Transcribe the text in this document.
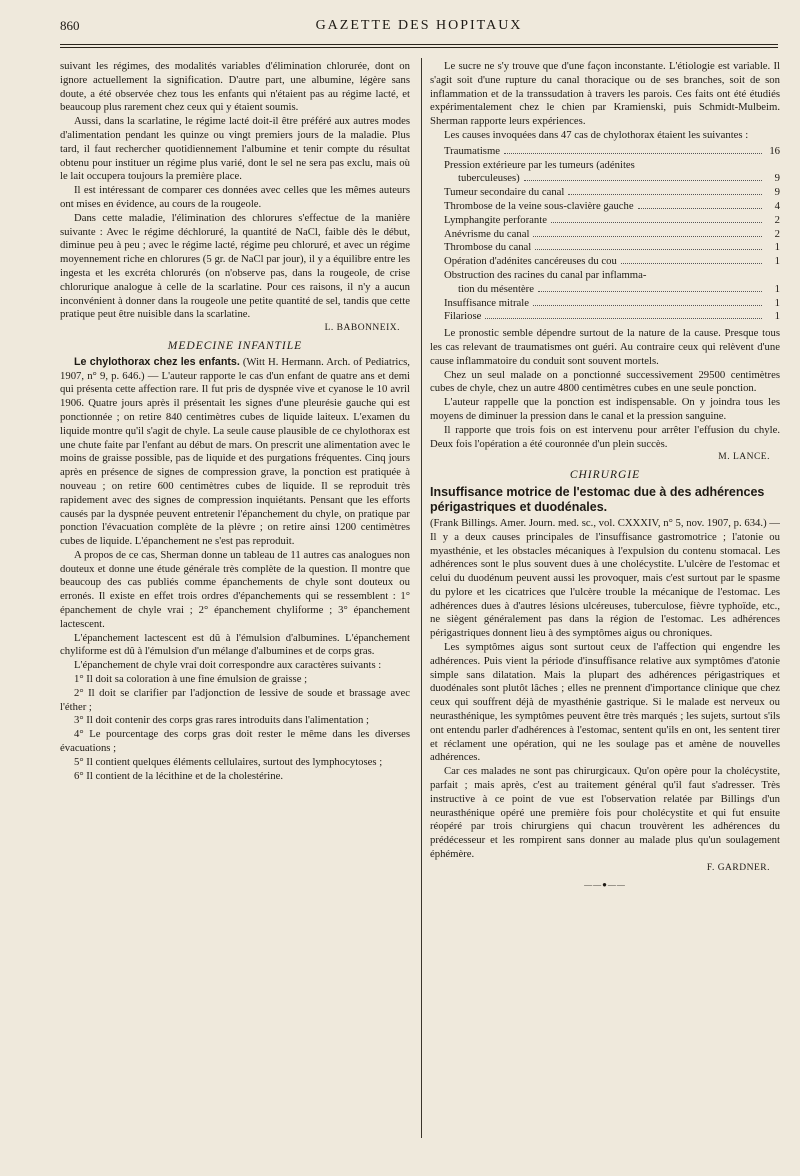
860	GAZETTE DES HOPITAUX

suivant les régimes, des modalités variables d'élimination chlorurée, dont on ignore actuellement la signification. D'autre part, une albumine, légère sans doute, a été observée chez tous les enfants qui n'étaient pas au régime lacté, et beaucoup plus rarement chez ceux qui y étaient soumis.

Aussi, dans la scarlatine, le régime lacté doit-il être préféré aux autres modes d'alimentation pendant les quinze ou vingt premiers jours de la maladie. Plus tard, il faut rechercher quotidiennement l'albumine et tenir compte du résultat obtenu pour instituer un régime plus varié, dont le sel ne sera pas exclu, mais où le lait occupera toujours la première place.

Il est intéressant de comparer ces données avec celles que les mêmes auteurs ont mises en évidence, au cours de la rougeole.

Dans cette maladie, l'élimination des chlorures s'effectue de la manière suivante : Avec le régime déchloruré, la quantité de NaCl, faible dès le début, diminue peu à peu ; avec le régime lacté, régime peu chloruré, et avec un régime moyennement riche en chlorures (5 gr. de NaCl par jour), il y a équilibre entre les ingesta et les excréta chlorurés (on n'observe pas, dans la rougeole, de crise chlorurique analogue à celle de la scarlatine. Pour ces raisons, il n'y a aucun inconvénient à donner dans la rougeole une petite quantité de sel, tandis que cette pratique peut être nuisible dans la scarlatine.

L. BABONNEIX.
MEDECINE INFANTILE

Le chylothorax chez les enfants. (Witt H. Hermann. Arch. of Pediatrics, 1907, n° 9, p. 646.) — L'auteur rapporte le cas d'un enfant de quatre ans et demi qui présenta cette affection rare. Il fut pris de dyspnée vive et cyanose le 10 avril 1906. Quatre jours après il présentait les signes d'une pleurésie gauche qui est ponctionnée ; on retire 840 centimètres cubes de liquide laiteux. L'examen du liquide montre qu'il s'agit de chyle. La seule cause plausible de ce chylothorax est une chute faite par l'enfant au début de mars. On prescrit une alimentation avec le moins de graisse possible, pas de liquide et des purgations fréquentes. Cinq jours après en présence de signes de compression grave, la ponction est pratiquée à nouveau ; on retire 600 centimètres cubes de liquide. Il se reproduit très rapidement avec des signes de compression inquiétants. Pensant que les efforts causés par la dyspnée peuvent entretenir l'épanchement du chyle, on pratique par ponction l'évacuation complète de la plèvre ; on retire ainsi 1200 centimètres cubes de liquide. L'épanchement ne s'est pas reproduit.

A propos de ce cas, Sherman donne un tableau de 11 autres cas analogues non douteux et donne une étude générale très complète de la question. Il montre que beaucoup des cas publiés comme épanchements de chyle sont douteux ou erronés. Il existe en effet trois ordres d'épanchements qui se ressemblent : 1° épanchement de chyle vrai ; 2° épanchement chyliforme ; 3° épanchement lactescent.

L'épanchement lactescent est dû à l'émulsion d'albumines. L'épanchement chyliforme est dû à l'émulsion d'un mélange d'albumines et de corps gras.

L'épanchement de chyle vrai doit correspondre aux caractères suivants :

1° Il doit sa coloration à une fine émulsion de graisse ;

2° Il doit se clarifier par l'adjonction de lessive de soude et brassage avec l'éther ;

3° Il doit contenir des corps gras rares introduits dans l'alimentation ;

4° Le pourcentage des corps gras doit rester le même dans les diverses évacuations ;

5° Il contient quelques éléments cellulaires, surtout des lymphocytoses ;

6° Il contient de la lécithine et de la cholestérine.

Le sucre ne s'y trouve que d'une façon inconstante. L'étiologie est variable. Il s'agit soit d'une rupture du canal thoracique ou de ses branches, soit de son inflammation et de la transsudation à travers les parois. Ces faits ont été étudiés expérimentalement chez le chien par Kramienski, puis Schmidt-Mulbeim. Sherman rapporte leurs expériences.

Les causes invoquées dans 47 cas de chylothorax étaient les suivantes :

Traumatisme	16
Pression extérieure par les tumeurs (adénites
tuberculeuses)	9
Tumeur secondaire du canal	9
Thrombose de la veine sous-clavière gauche	4
Lymphangite perforante	2
Anévrisme du canal	2
Thrombose du canal	1
Opération d'adénites cancéreuses du cou	1
Obstruction des racines du canal par inflamma-
tion du mésentère	1
Insuffisance mitrale	1
Filariose	1

Le pronostic semble dépendre surtout de la nature de la cause. Presque tous les cas relevant de traumatismes ont guéri. Au contraire ceux qui relèvent d'une cause inflammatoire du conduit sont souvent mortels.

Chez un seul malade on a ponctionné successivement 29500 centimètres cubes de chyle, chez un autre 4800 centimètres cubes en une seule ponction.

L'auteur rappelle que la ponction est indispensable. On y joindra tous les moyens de diminuer la pression dans le canal et la pression sanguine.

Il rapporte que trois fois on est intervenu pour arrêter l'effusion du chyle. Deux fois l'opération a été couronnée d'un plein succès.

M. LANCE.
CHIRURGIE
Insuffisance motrice de l'estomac due à des adhérences périgastriques et duodénales.

(Frank Billings. Amer. Journ. med. sc., vol. CXXXIV, n° 5, nov. 1907, p. 634.) — Il y a deux causes principales de l'insuffisance gastromotrice ; l'atonie ou myasthénie, et les obstacles mécaniques à l'expulsion du contenu stomacal. Les adhérences sont le plus souvent dues à une cholécystite. L'ulcère de l'estomac et celui du duodénum peuvent aussi les provoquer, mais c'est surtout par le spasme du pylore et les cicatrices que l'ulcère trouble la mécanique de l'estomac. Les adhérences dues à d'autres lésions ulcéreuses, tuberculose, fièvre typhoïde, etc., ne siègent généralement pas dans la région de l'estomac. Les adhérences périgastriques donnent lieu à des symptômes aigus ou chroniques.

Les symptômes aigus sont surtout ceux de l'affection qui engendre les adhérences. Puis vient la période d'insuffisance relative aux symptômes d'atonie simple sans dilatation. Mais la plupart des adhérences périgastriques et duodénales sont plutôt lâches ; elles ne prennent d'importance clinique que chez ceux qui souffrent déjà de myasthénie gastrique. Si le malade est nerveux ou neurasthénique, les symptômes peuvent être très marqués ; les sujets, surtout s'ils ont entendu parler d'adhérences à l'estomac, sentent qu'ils en ont, les sentent tirer et réclament une opération, qui ne les soulage pas et amène de nouvelles adhérences.

Car ces malades ne sont pas chirurgicaux. Qu'on opère pour la cholécystite, parfait ; mais après, c'est au traitement général qu'il faut s'adresser. Très instructive à ce point de vue est l'observation relatée par Billings d'un neurasthénique opéré une première fois pour cholécystite et qui fut ensuite réopéré par trois chirurgiens qui chacun trouvèrent les adhérences du prédécesseur et les rompirent sans donner au malade plus qu'un soulagement éphémère.

F. GARDNER.
——●——
